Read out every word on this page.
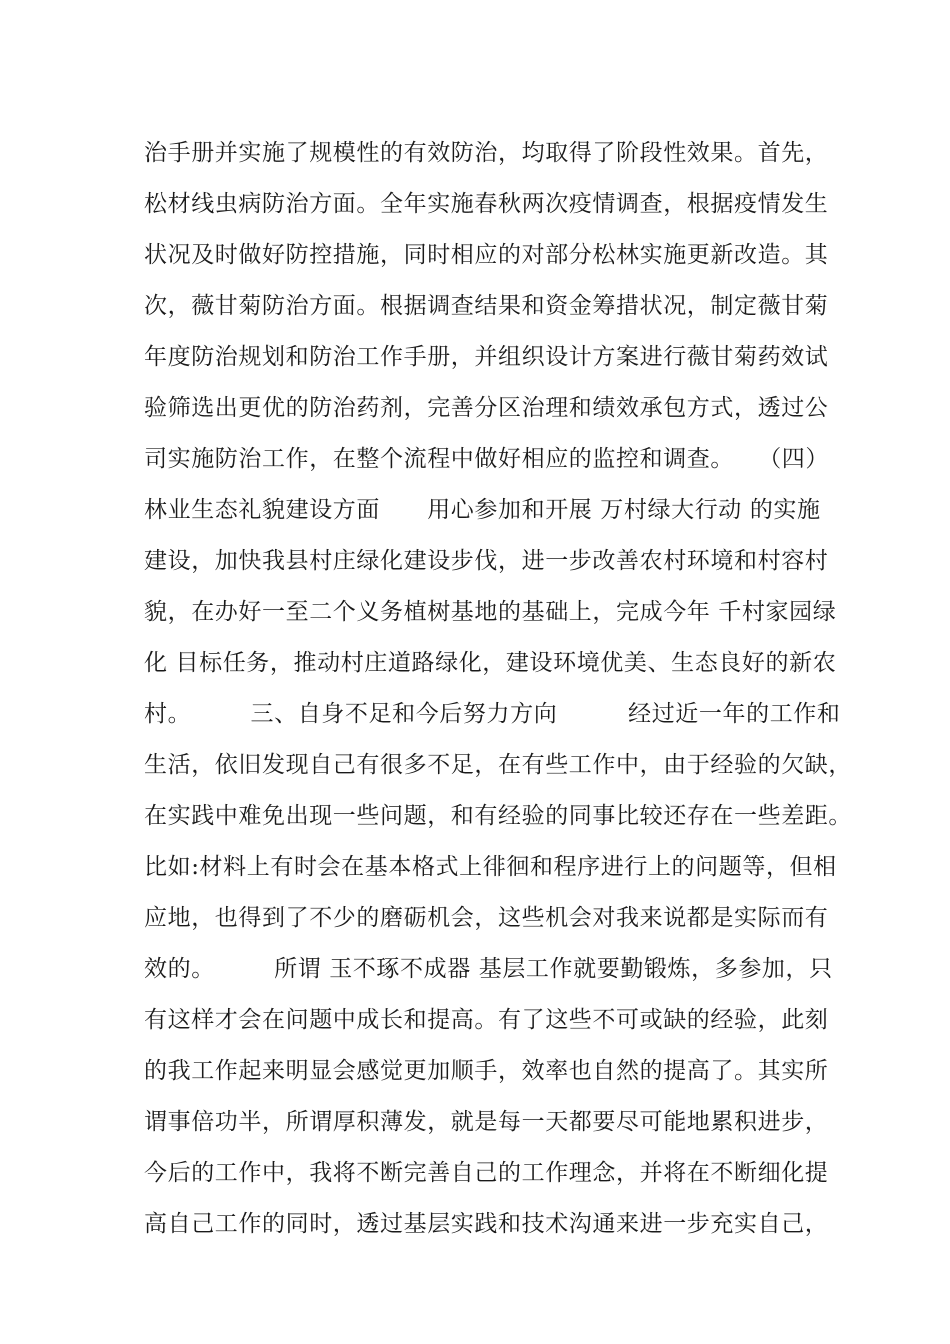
治手册并实施了规模性的有效防治，均取得了阶段性效果。首先，
松材线虫病防治方面。全年实施春秋两次疫情调查，根据疫情发生
状况及时做好防控措施，同时相应的对部分松林实施更新改造。其
次，薇甘菊防治方面。根据调查结果和资金筹措状况，制定薇甘菊
年度防治规划和防治工作手册，并组织设计方案进行薇甘菊药效试
验筛选出更优的防治药剂，完善分区治理和绩效承包方式，透过公
司实施防治工作，在整个流程中做好相应的监控和调查。　　（四）
林业生态礼貌建设方面　　用心参加和开展 万村绿大行动 的实施
建设，加快我县村庄绿化建设步伐，进一步改善农村环境和村容村
貌，在办好一至二个义务植树基地的基础上，完成今年 千村家园绿
化 目标任务，推动村庄道路绿化，建设环境优美、生态良好的新农
村。　　　三、自身不足和今后努力方向　　　经过近一年的工作和
生活，依旧发现自己有很多不足，在有些工作中，由于经验的欠缺，
在实践中难免出现一些问题，和有经验的同事比较还存在一些差距。
比如:材料上有时会在基本格式上徘徊和程序进行上的问题等，但相
应地，也得到了不少的磨砺机会，这些机会对我来说都是实际而有
效的。　　　所谓 玉不琢不成器 基层工作就要勤锻炼，多参加，只
有这样才会在问题中成长和提高。有了这些不可或缺的经验，此刻
的我工作起来明显会感觉更加顺手，效率也自然的提高了。其实所
谓事倍功半，所谓厚积薄发，就是每一天都要尽可能地累积进步，
今后的工作中，我将不断完善自己的工作理念，并将在不断细化提
高自己工作的同时，透过基层实践和技术沟通来进一步充实自己，
